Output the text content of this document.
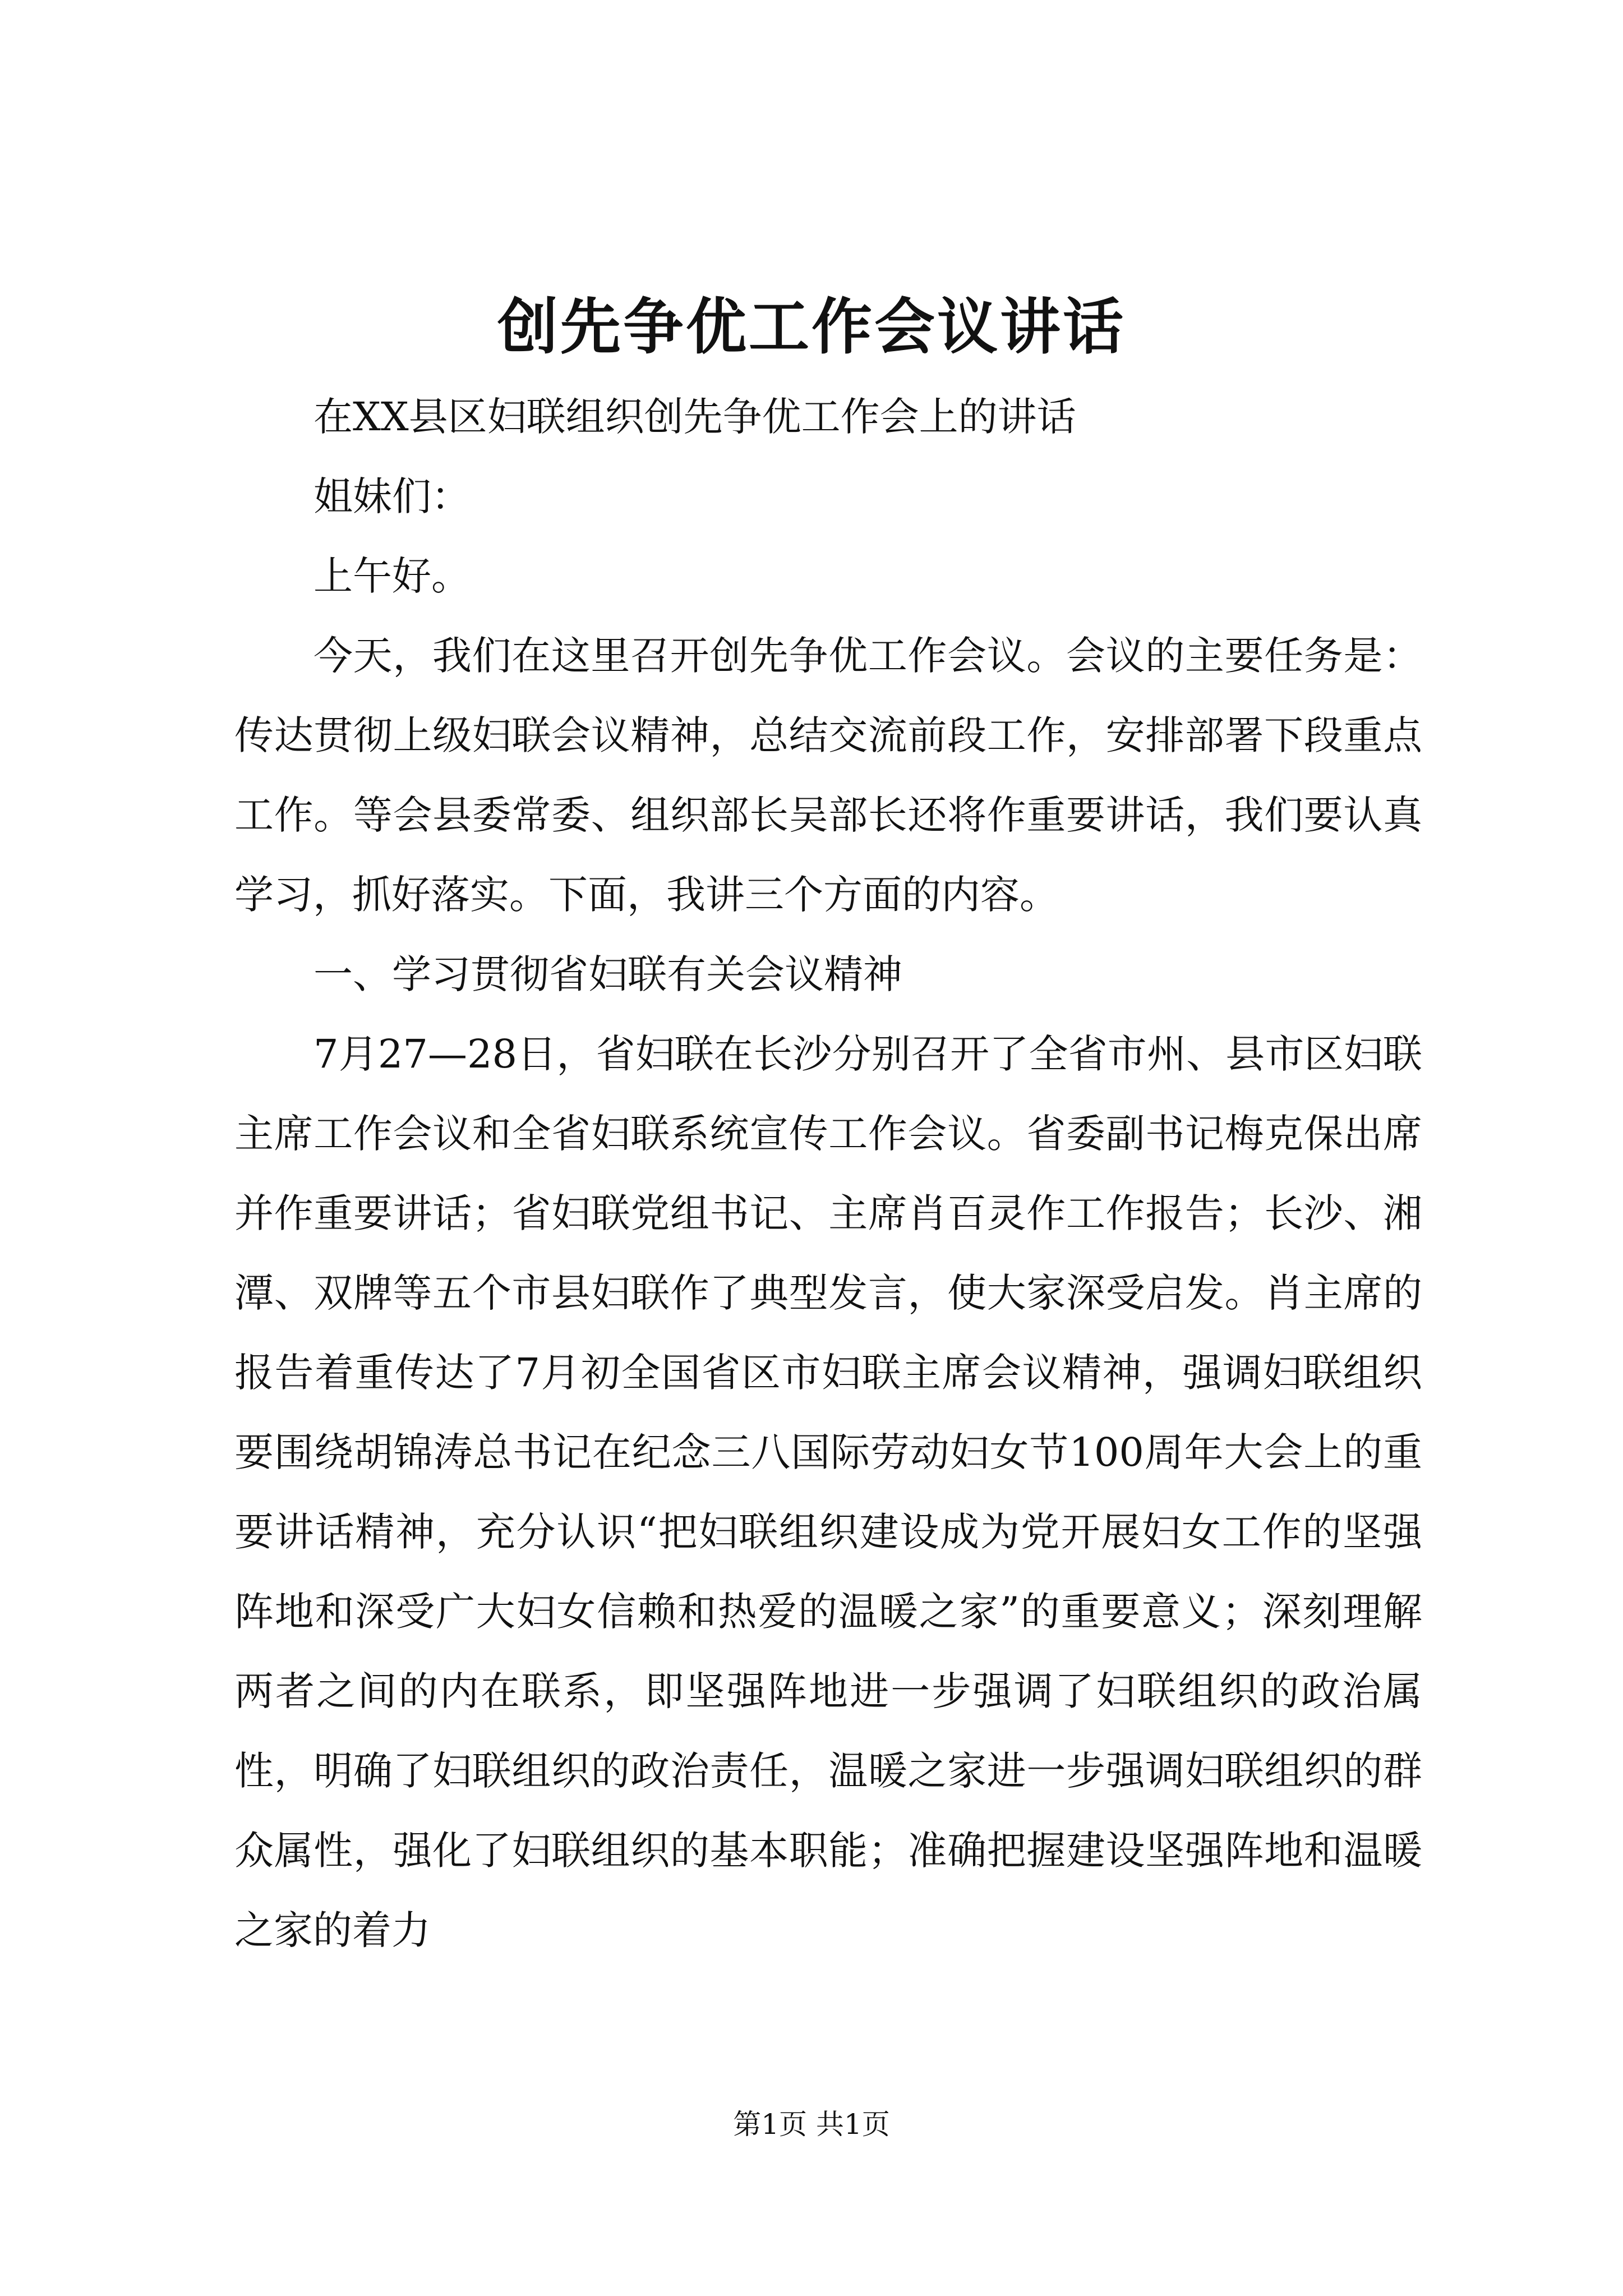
创先争优工作会议讲话

在XX县区妇联组织创先争优工作会上的讲话

姐妹们：

上午好。

今天，我们在这里召开创先争优工作会议。会议的主要任务是：传达贯彻上级妇联会议精神，总结交流前段工作，安排部署下段重点工作。等会县委常委、组织部长吴部长还将作重要讲话，我们要认真学习，抓好落实。下面，我讲三个方面的内容。

一、学习贯彻省妇联有关会议精神

7月27—28日，省妇联在长沙分别召开了全省市州、县市区妇联主席工作会议和全省妇联系统宣传工作会议。省委副书记梅克保出席并作重要讲话；省妇联党组书记、主席肖百灵作工作报告；长沙、湘潭、双牌等五个市县妇联作了典型发言，使大家深受启发。肖主席的报告着重传达了7月初全国省区市妇联主席会议精神，强调妇联组织要围绕胡锦涛总书记在纪念三八国际劳动妇女节100周年大会上的重要讲话精神，充分认识“把妇联组织建设成为党开展妇女工作的坚强阵地和深受广大妇女信赖和热爱的温暖之家”的重要意义；深刻理解两者之间的内在联系，即坚强阵地进一步强调了妇联组织的政治属性，明确了妇联组织的政治责任，温暖之家进一步强调妇联组织的群众属性，强化了妇联组织的基本职能；准确把握建设坚强阵地和温暖之家的着力

第1页 共1页
